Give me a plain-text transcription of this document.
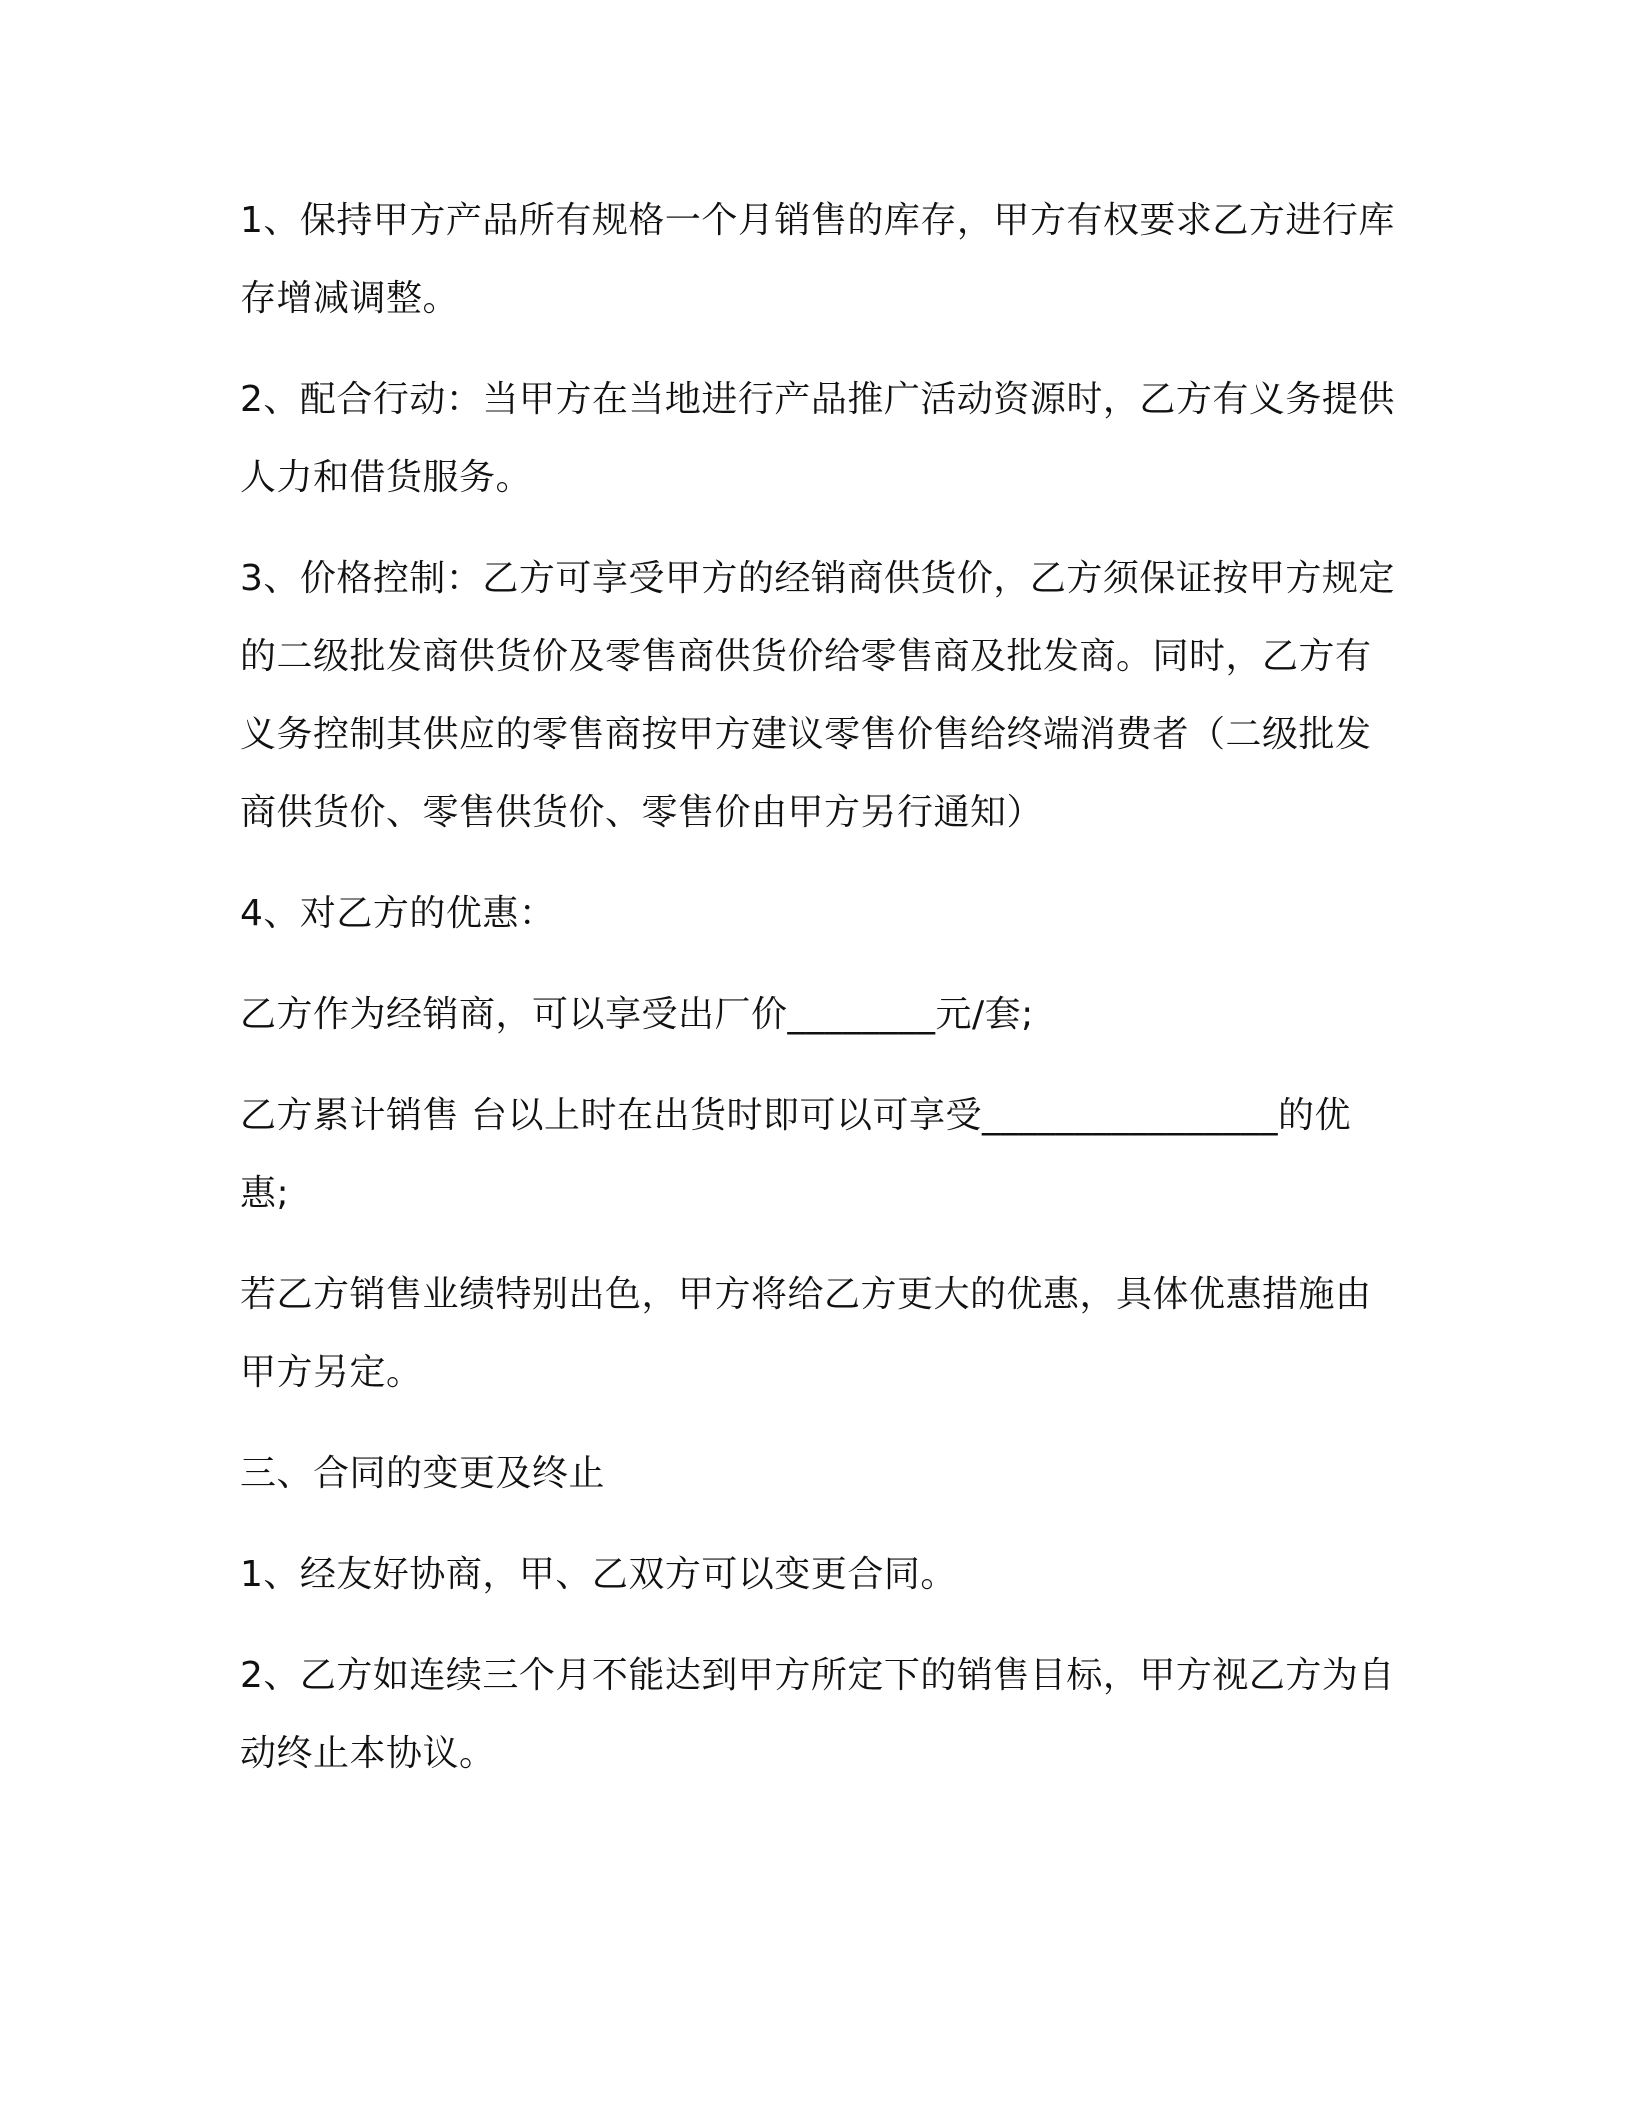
1、保持甲方产品所有规格一个月销售的库存，甲方有权要求乙方进行库存增减调整。

2、配合行动：当甲方在当地进行产品推广活动资源时，乙方有义务提供人力和借货服务。

3、价格控制：乙方可享受甲方的经销商供货价，乙方须保证按甲方规定的二级批发商供货价及零售商供货价给零售商及批发商。同时，乙方有义务控制其供应的零售商按甲方建议零售价售给终端消费者（二级批发商供货价、零售供货价、零售价由甲方另行通知）

4、对乙方的优惠：

乙方作为经销商，可以享受出厂价________元/套;

乙方累计销售 台以上时在出货时即可以可享受________________的优惠;

若乙方销售业绩特别出色，甲方将给乙方更大的优惠，具体优惠措施由甲方另定。

三、合同的变更及终止

1、经友好协商，甲、乙双方可以变更合同。

2、乙方如连续三个月不能达到甲方所定下的销售目标，甲方视乙方为自动终止本协议。
